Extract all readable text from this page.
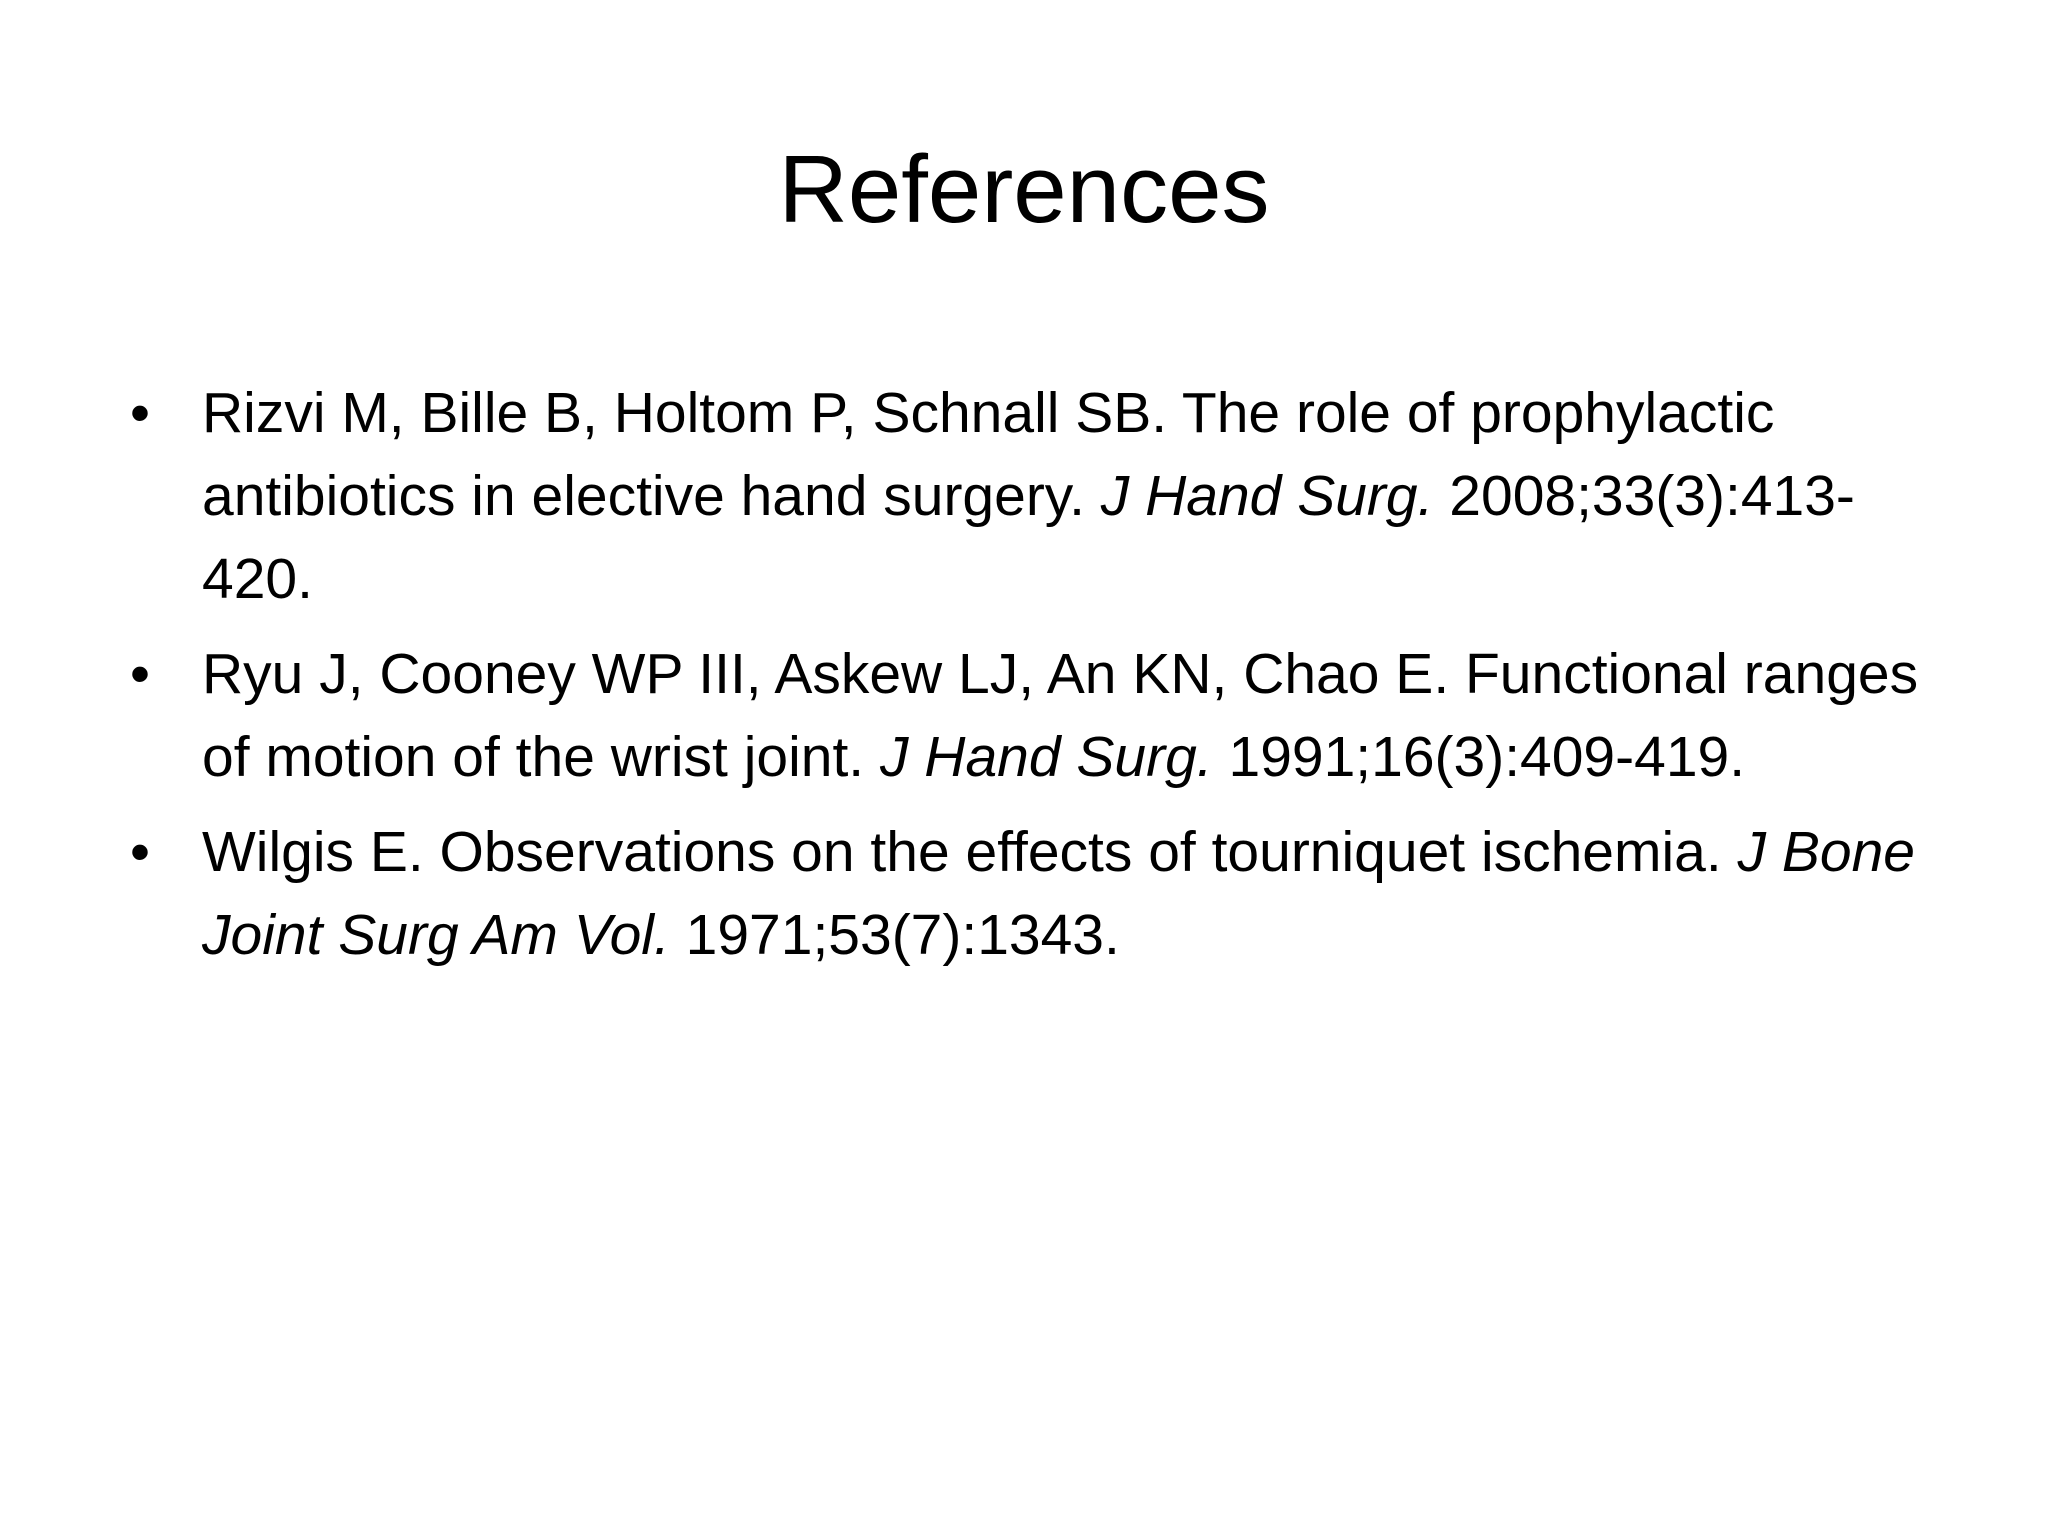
References
• Rizvi M, Bille B, Holtom P, Schnall SB. The role of prophylactic antibiotics in elective hand surgery. J Hand Surg. 2008;33(3):413-420.
• Ryu J, Cooney WP III, Askew LJ, An KN, Chao E. Functional ranges of motion of the wrist joint. J Hand Surg. 1991;16(3):409-419.
• Wilgis E. Observations on the effects of tourniquet ischemia. J Bone Joint Surg Am Vol. 1971;53(7):1343.
